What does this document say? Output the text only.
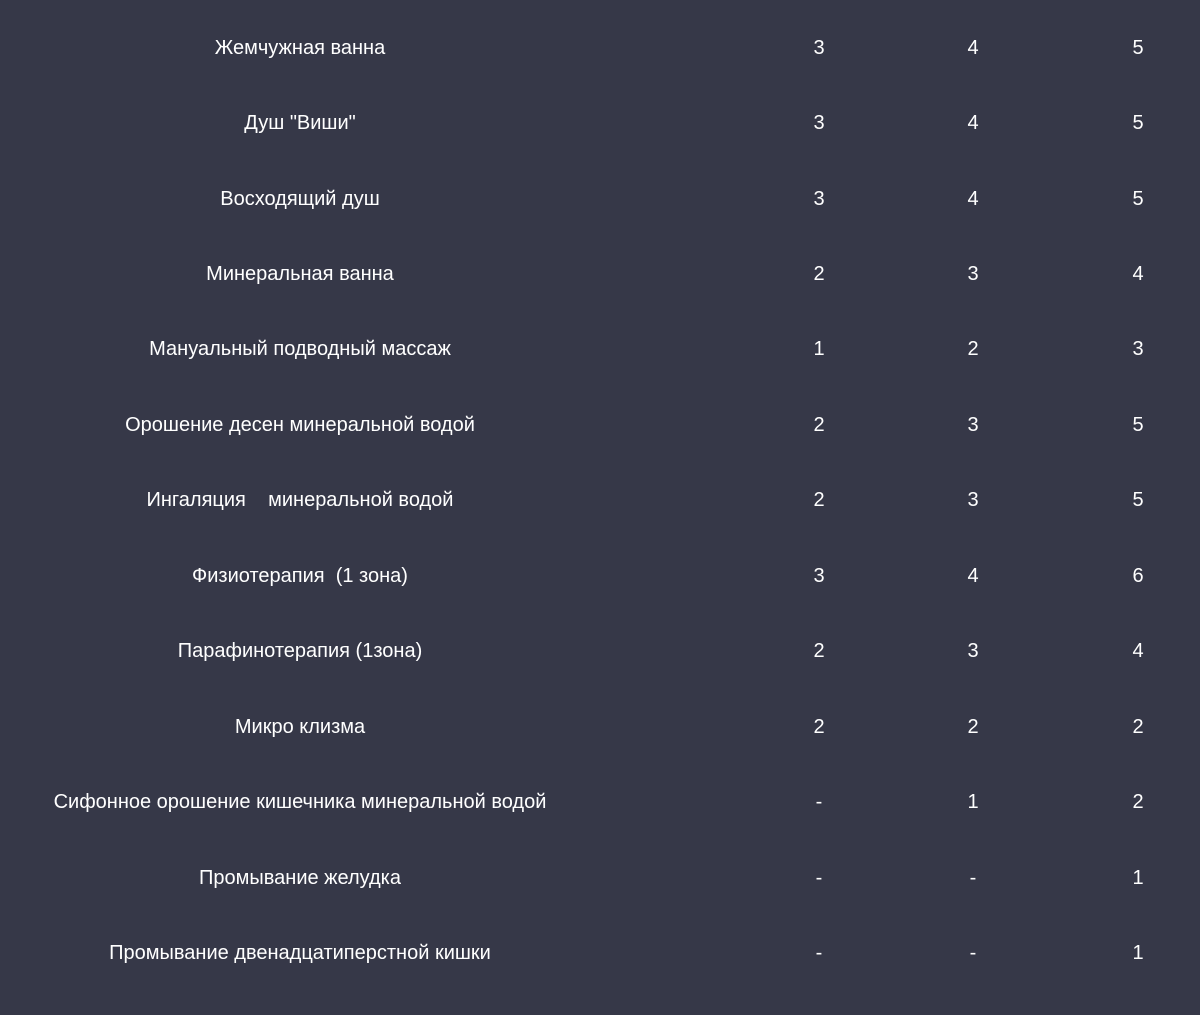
Жемчужная ванна	3	4	5
Душ "Виши"	3	4	5
Восходящий душ	3	4	5
Минеральная ванна	2	3	4
Мануальный подводный массаж	1	2	3
Орошение десен минеральной водой	2	3	5
Ингаляция    минеральной водой	2	3	5
Физиотерапия  (1 зона)	3	4	6
Парафинотерапия (1зона)	2	3	4
Микро клизма	2	2	2
Сифонное орошение кишечника минеральной водой	-	1	2
Промывание желудка	-	-	1
Промывание двенадцатиперстной кишки	-	-	1
